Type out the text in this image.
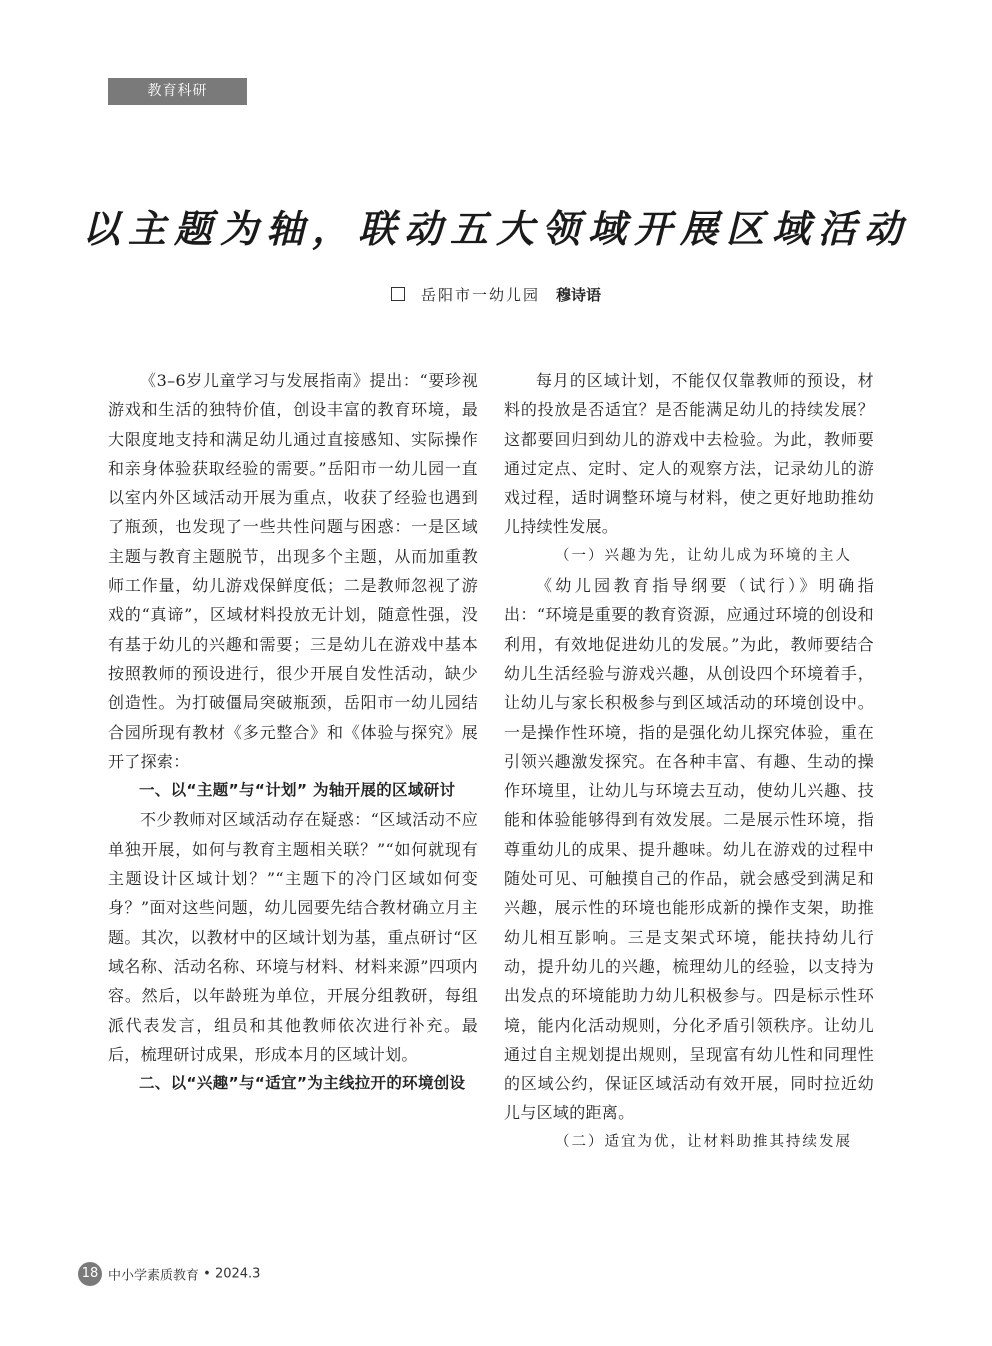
教育科研
以主题为轴，联动五大领域开展区域活动
岳阳市一幼儿园 穆诗语

《3–6岁儿童学习与发展指南》提出：“要珍视游戏和生活的独特价值，创设丰富的教育环境，最大限度地支持和满足幼儿通过直接感知、实际操作和亲身体验获取经验的需要。”岳阳市一幼儿园一直以室内外区域活动开展为重点，收获了经验也遇到了瓶颈，也发现了一些共性问题与困惑：一是区域主题与教育主题脱节，出现多个主题，从而加重教师工作量，幼儿游戏保鲜度低；二是教师忽视了游戏的“真谛”，区域材料投放无计划，随意性强，没有基于幼儿的兴趣和需要；三是幼儿在游戏中基本按照教师的预设进行，很少开展自发性活动，缺少创造性。为打破僵局突破瓶颈，岳阳市一幼儿园结合园所现有教材《多元整合》和《体验与探究》展开了探索：

一、以“主题”与“计划” 为轴开展的区域研讨

不少教师对区域活动存在疑惑：“区域活动不应单独开展，如何与教育主题相关联？”“如何就现有主题设计区域计划？”“主题下的冷门区域如何变身？”面对这些问题，幼儿园要先结合教材确立月主题。其次，以教材中的区域计划为基，重点研讨“区域名称、活动名称、环境与材料、材料来源”四项内容。然后，以年龄班为单位，开展分组教研，每组派代表发言，组员和其他教师依次进行补充。最后，梳理研讨成果，形成本月的区域计划。

二、以“兴趣”与“适宜”为主线拉开的环境创设

每月的区域计划，不能仅仅靠教师的预设，材料的投放是否适宜？是否能满足幼儿的持续发展？这都要回归到幼儿的游戏中去检验。为此，教师要通过定点、定时、定人的观察方法，记录幼儿的游戏过程，适时调整环境与材料，使之更好地助推幼儿持续性发展。

（一）兴趣为先，让幼儿成为环境的主人

《幼儿园教育指导纲要（试行）》明确指出：“环境是重要的教育资源，应通过环境的创设和利用，有效地促进幼儿的发展。”为此，教师要结合幼儿生活经验与游戏兴趣，从创设四个环境着手，让幼儿与家长积极参与到区域活动的环境创设中。一是操作性环境，指的是强化幼儿探究体验，重在引领兴趣激发探究。在各种丰富、有趣、生动的操作环境里，让幼儿与环境去互动，使幼儿兴趣、技能和体验能够得到有效发展。二是展示性环境，指尊重幼儿的成果、提升趣味。幼儿在游戏的过程中随处可见、可触摸自己的作品，就会感受到满足和兴趣，展示性的环境也能形成新的操作支架，助推幼儿相互影响。三是支架式环境，能扶持幼儿行动，提升幼儿的兴趣，梳理幼儿的经验，以支持为出发点的环境能助力幼儿积极参与。四是标示性环境，能内化活动规则，分化矛盾引领秩序。让幼儿通过自主规划提出规则，呈现富有幼儿性和同理性的区域公约，保证区域活动有效开展，同时拉近幼儿与区域的距离。

（二）适宜为优，让材料助推其持续发展

18 中小学素质教育 • 2024.3
